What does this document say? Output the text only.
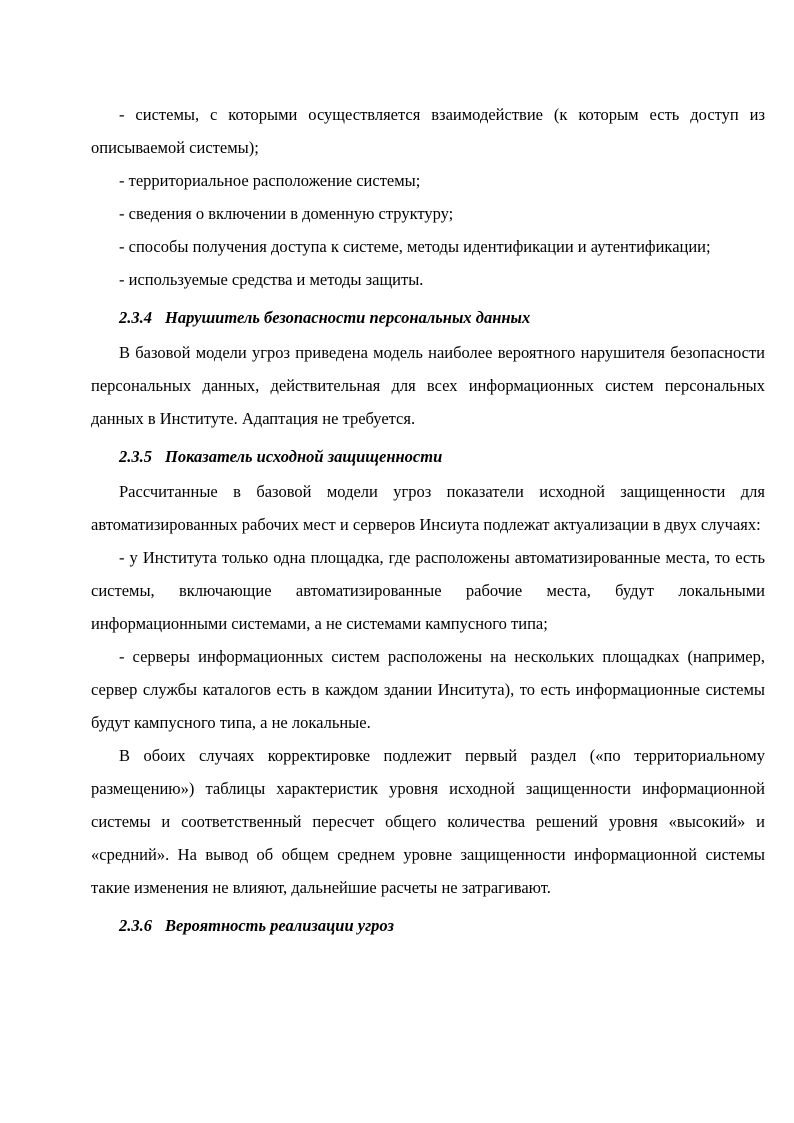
- системы, с которыми осуществляется взаимодействие (к которым есть доступ из описываемой системы);

- территориальное расположение системы;

- сведения о включении в доменную структуру;

- способы получения доступа к системе, методы идентификации и аутентификации;

- используемые средства и методы защиты.

2.3.4 Нарушитель безопасности персональных данных

В базовой модели угроз приведена модель наиболее вероятного нарушителя безопасности персональных данных, действительная для всех информационных систем персональных данных в Институте. Адаптация не требуется.

2.3.5 Показатель исходной защищенности

Рассчитанные в базовой модели угроз показатели исходной защищенности для автоматизированных рабочих мест и серверов Инсиута подлежат актуализации в двух случаях:

- у Института только одна площадка, где расположены автоматизированные места, то есть системы, включающие автоматизированные рабочие места, будут локальными информационными системами, а не системами кампусного типа;

- серверы информационных систем расположены на нескольких площадках (например, сервер службы каталогов есть в каждом здании Инситута), то есть информационные системы будут кампусного типа, а не локальные.

В обоих случаях корректировке подлежит первый раздел («по территориальному размещению») таблицы характеристик уровня исходной защищенности информационной системы и соответственный пересчет общего количества решений уровня «высокий» и «средний». На вывод об общем среднем уровне защищенности информационной системы такие изменения не влияют, дальнейшие расчеты не затрагивают.

2.3.6 Вероятность реализации угроз
